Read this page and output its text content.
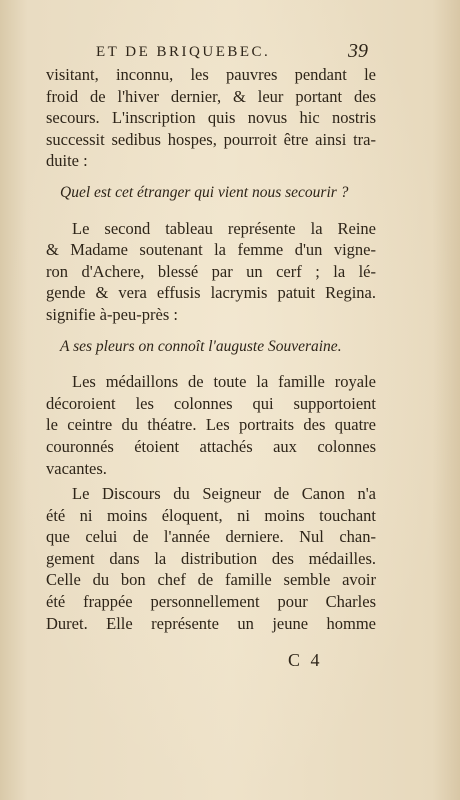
ET DE BRIQUEBEC.	39
visitant, inconnu, les pauvres pendant le
froid de l'hiver dernier, & leur portant des
secours. L'inscription quis novus hic nostris
successit sedibus hospes, pourroit être ainsi tra-
duite :
Quel est cet étranger qui vient nous secourir ?
Le second tableau représente la Reine
& Madame soutenant la femme d'un vigne-
ron d'Achere, blessé par un cerf ; la lé-
gende & vera effusis lacrymis patuit Regina.
signifie à-peu-près :
A ses pleurs on connoît l'auguste Souveraine.
Les médaillons de toute la famille royale
décoroient les colonnes qui supportoient
le ceintre du théatre. Les portraits des quatre
couronnés étoient attachés aux colonnes
vacantes.
Le Discours du Seigneur de Canon n'a
été ni moins éloquent, ni moins touchant
que celui de l'année derniere. Nul chan-
gement dans la distribution des médailles.
Celle du bon chef de famille semble avoir
été frappée personnellement pour Charles
Duret. Elle représente un jeune homme
C 4
